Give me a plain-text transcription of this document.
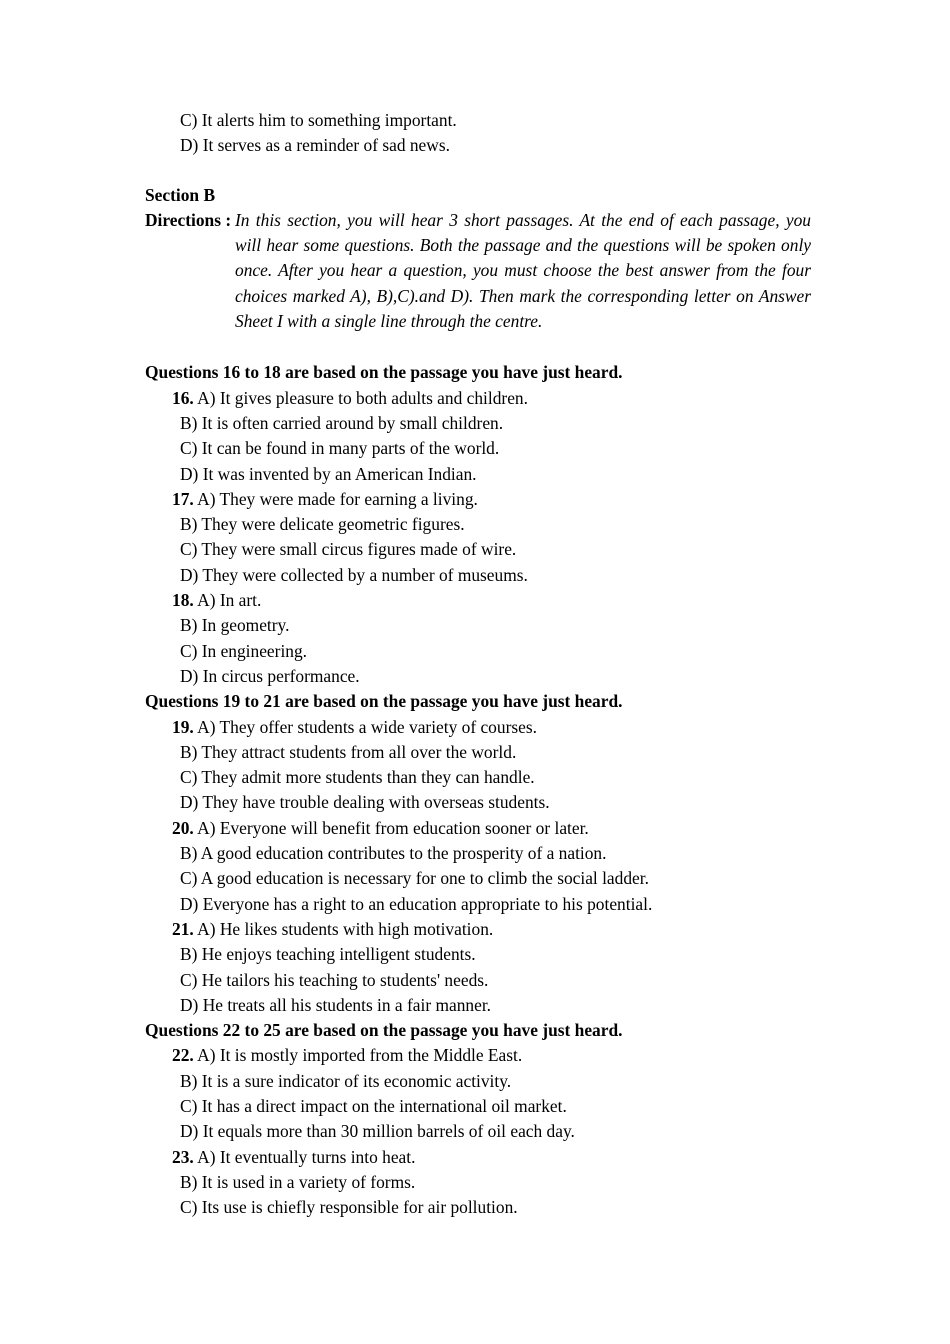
C) It alerts him to something important.
D) It serves as a reminder of sad news.
Section B
Directions : In this section, you will hear 3 short passages. At the end of each passage, you will hear some questions. Both the passage and the questions will be spoken only once. After you hear a question, you must choose the best answer from the four choices marked A), B),C).and D). Then mark the corresponding letter on Answer Sheet I with a single line through the centre.
Questions 16 to 18 are based on the passage you have just heard.
16. A) It gives pleasure to both adults and children.
B) It is often carried around by small children.
C) It can be found in many parts of the world.
D) It was invented by an American Indian.
17. A) They were made for earning a living.
B) They were delicate geometric figures.
C) They were small circus figures made of wire.
D) They were collected by a number of museums.
18. A) In art.
B) In geometry.
C) In engineering.
D) In circus performance.
Questions 19 to 21 are based on the passage you have just heard.
19. A) They offer students a wide variety of courses.
B) They attract students from all over the world.
C) They admit more students than they can handle.
D) They have trouble dealing with overseas students.
20. A) Everyone will benefit from education sooner or later.
B) A good education contributes to the prosperity of a nation.
C) A good education is necessary for one to climb the social ladder.
D) Everyone has a right to an education appropriate to his potential.
21. A) He likes students with high motivation.
B) He enjoys teaching intelligent students.
C) He tailors his teaching to students' needs.
D) He treats all his students in a fair manner.
Questions 22 to 25 are based on the passage you have just heard.
22. A) It is mostly imported from the Middle East.
B) It is a sure indicator of its economic activity.
C) It has a direct impact on the international oil market.
D) It equals more than 30 million barrels of oil each day.
23. A) It eventually turns into heat.
B) It is used in a variety of forms.
C) Its use is chiefly responsible for air pollution.
